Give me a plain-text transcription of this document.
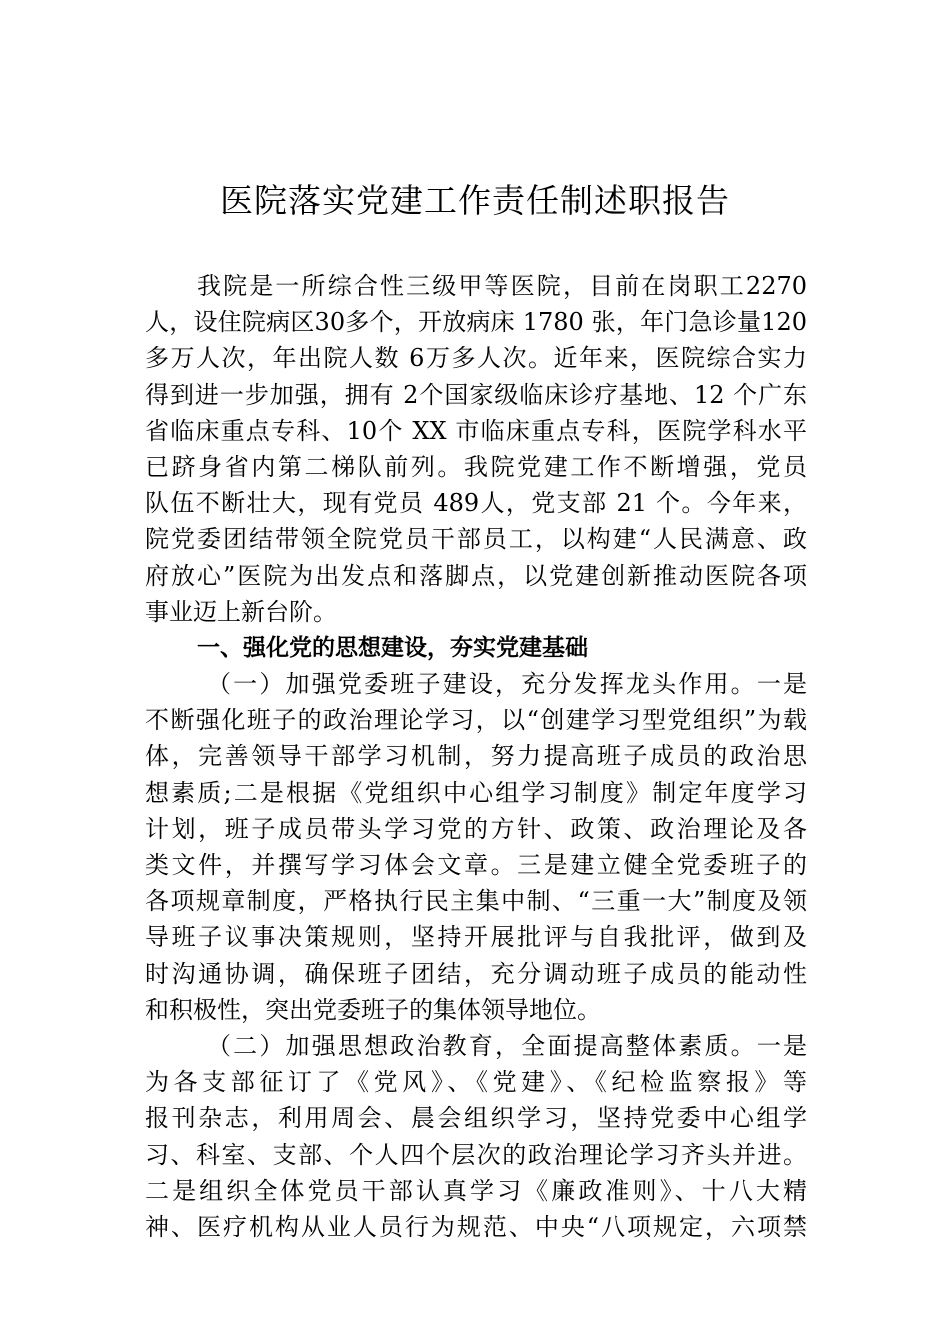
医院落实党建工作责任制述职报告
我院是一所综合性三级甲等医院，目前在岗职工2270
人，设住院病区30多个，开放病床 1780 张，年门急诊量120
多万人次，年出院人数 6万多人次。近年来，医院综合实力
得到进一步加强，拥有 2个国家级临床诊疗基地、12 个广东
省临床重点专科、10个 XX 市临床重点专科，医院学科水平
已跻身省内第二梯队前列。我院党建工作不断增强，党员
队伍不断壮大，现有党员 489人，党支部 21 个。今年来，
院党委团结带领全院党员干部员工，以构建“人民满意、政
府放心”医院为出发点和落脚点，以党建创新推动医院各项
事业迈上新台阶。
一、强化党的思想建设，夯实党建基础
（一）加强党委班子建设，充分发挥龙头作用。一是
不断强化班子的政治理论学习，以“创建学习型党组织”为载
体，完善领导干部学习机制，努力提高班子成员的政治思
想素质;二是根据《党组织中心组学习制度》制定年度学习
计划，班子成员带头学习党的方针、政策、政治理论及各
类文件，并撰写学习体会文章。三是建立健全党委班子的
各项规章制度，严格执行民主集中制、“三重一大”制度及领
导班子议事决策规则，坚持开展批评与自我批评，做到及
时沟通协调，确保班子团结，充分调动班子成员的能动性
和积极性，突出党委班子的集体领导地位。
（二）加强思想政治教育，全面提高整体素质。一是
为各支部征订了《党风》、《党建》、《纪检监察报》等
报刊杂志，利用周会、晨会组织学习，坚持党委中心组学
习、科室、支部、个人四个层次的政治理论学习齐头并进。
二是组织全体党员干部认真学习《廉政准则》、十八大精
神、医疗机构从业人员行为规范、中央“八项规定，六项禁
